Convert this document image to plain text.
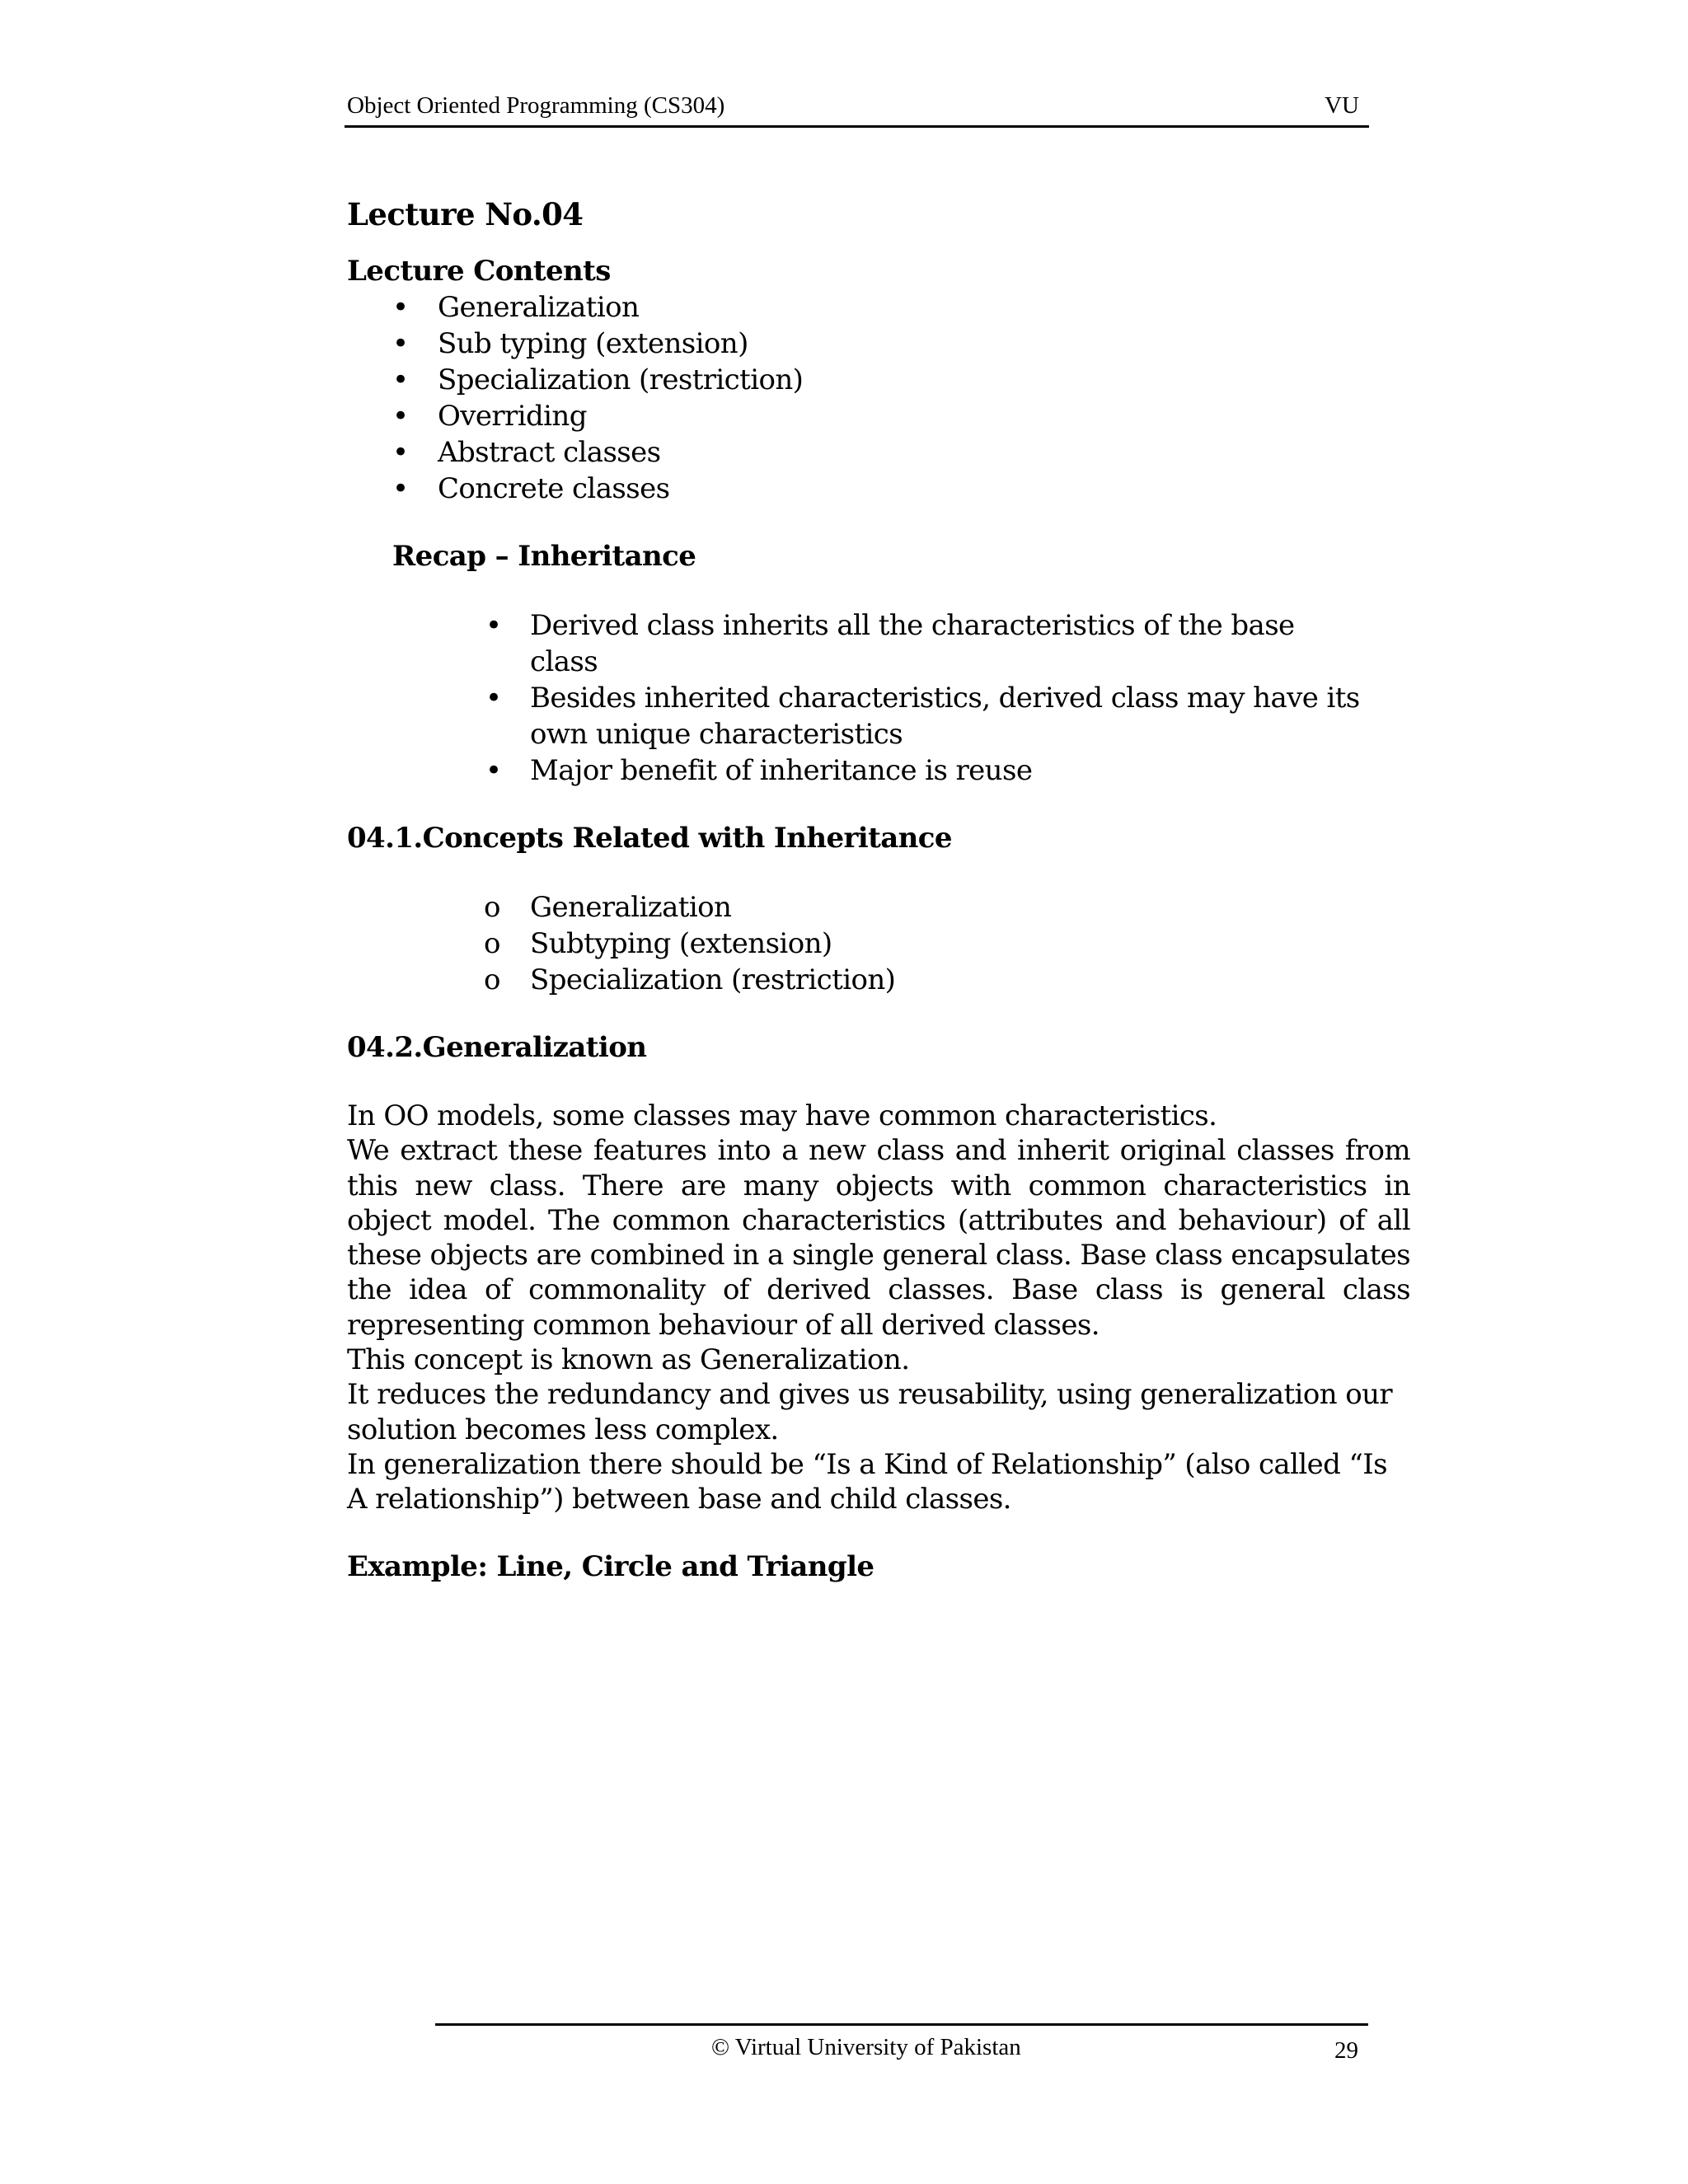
Object Oriented Programming (CS304)	VU
Lecture No.04
Lecture Contents
• Generalization
• Sub typing (extension)
• Specialization (restriction)
• Overriding
• Abstract classes
• Concrete classes
Recap – Inheritance
• Derived class inherits all the characteristics of the base class
• Besides inherited characteristics, derived class may have its own unique characteristics
• Major benefit of inheritance is reuse
04.1.Concepts Related with Inheritance
o Generalization
o Subtyping (extension)
o Specialization (restriction)
04.2.Generalization

In OO models, some classes may have common characteristics.

We extract these features into a new class and inherit original classes from this new class. There are many objects with common characteristics in object model. The common characteristics (attributes and behaviour) of all these objects are combined in a single general class. Base class encapsulates the idea of commonality of derived classes. Base class is general class representing common behaviour of all derived classes.

This concept is known as Generalization.

It reduces the redundancy and gives us reusability, using generalization our solution becomes less complex.

In generalization there should be “Is a Kind of Relationship” (also called “Is A relationship”) between base and child classes.

Example: Line, Circle and Triangle
© Virtual University of Pakistan	29
